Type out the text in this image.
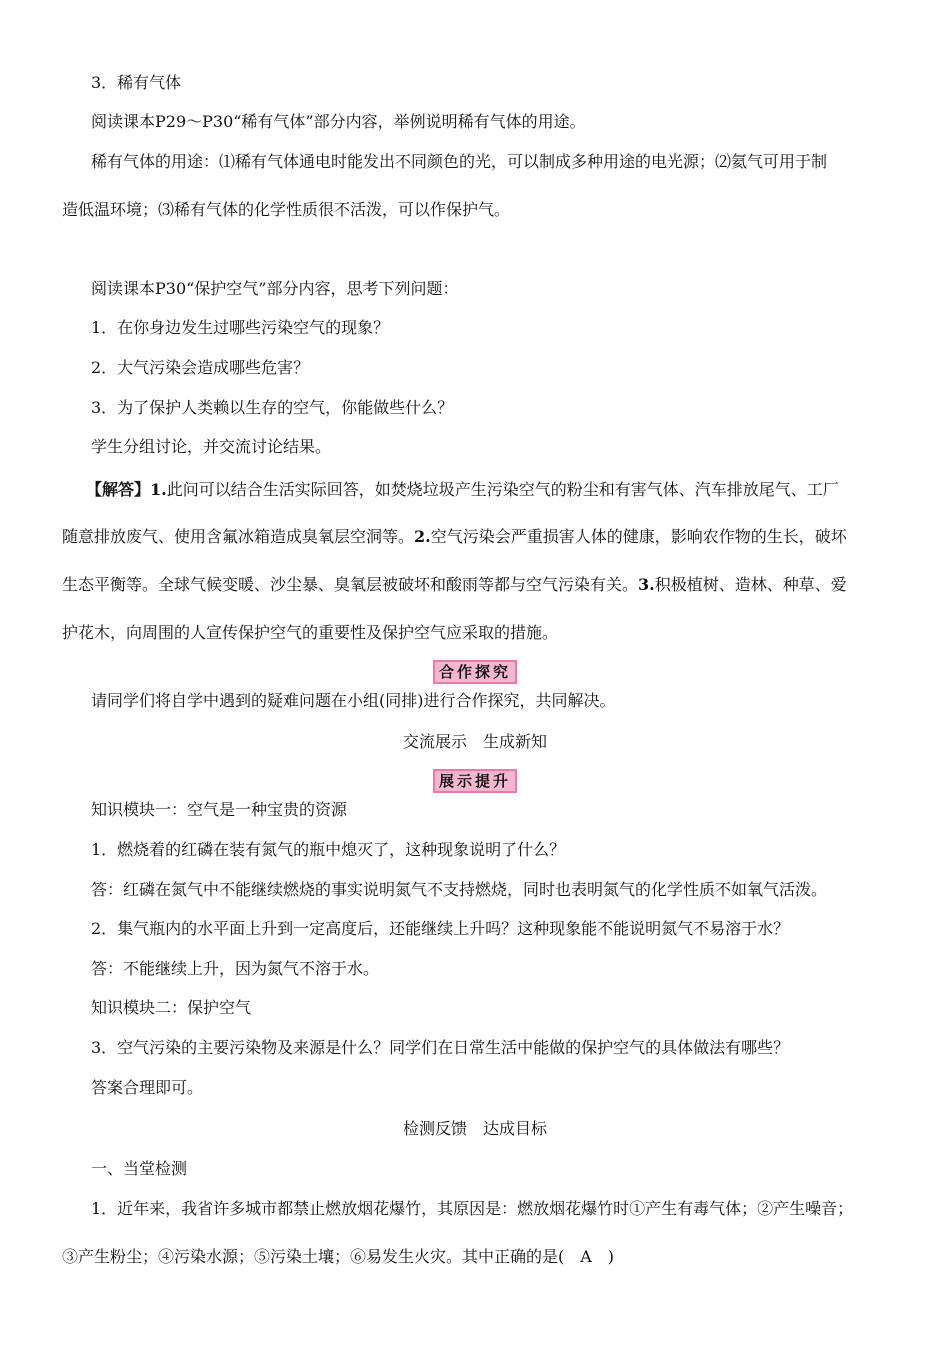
3．稀有气体
阅读课本P29～P30“稀有气体”部分内容，举例说明稀有气体的用途。
稀有气体的用途：⑴稀有气体通电时能发出不同颜色的光，可以制成多种用途的电光源；⑵氦气可用于制
造低温环境；⑶稀有气体的化学性质很不活泼，可以作保护气。
阅读课本P30“保护空气”部分内容，思考下列问题：
1．在你身边发生过哪些污染空气的现象？
2．大气污染会造成哪些危害？
3．为了保护人类赖以生存的空气，你能做些什么？
学生分组讨论，并交流讨论结果。
【解答】1.此问可以结合生活实际回答，如焚烧垃圾产生污染空气的粉尘和有害气体、汽车排放尾气、工厂
随意排放废气、使用含氟冰箱造成臭氧层空洞等。2.空气污染会严重损害人体的健康，影响农作物的生长，破坏
生态平衡等。全球气候变暖、沙尘暴、臭氧层被破坏和酸雨等都与空气污染有关。3.积极植树、造林、种草、爱
护花木，向周围的人宣传保护空气的重要性及保护空气应采取的措施。
合作探究
请同学们将自学中遇到的疑难问题在小组(同排)进行合作探究，共同解决。
交流展示　生成新知
展示提升
知识模块一：空气是一种宝贵的资源
1．燃烧着的红磷在装有氮气的瓶中熄灭了，这种现象说明了什么？
答：红磷在氮气中不能继续燃烧的事实说明氮气不支持燃烧，同时也表明氮气的化学性质不如氧气活泼。
2．集气瓶内的水平面上升到一定高度后，还能继续上升吗？这种现象能不能说明氮气不易溶于水？
答：不能继续上升，因为氮气不溶于水。
知识模块二：保护空气
3．空气污染的主要污染物及来源是什么？同学们在日常生活中能做的保护空气的具体做法有哪些？
答案合理即可。
检测反馈　达成目标
一、当堂检测
1．近年来，我省许多城市都禁止燃放烟花爆竹，其原因是：燃放烟花爆竹时①产生有毒气体；②产生噪音；
③产生粉尘；④污染水源；⑤污染土壤；⑥易发生火灾。其中正确的是(　A　)
